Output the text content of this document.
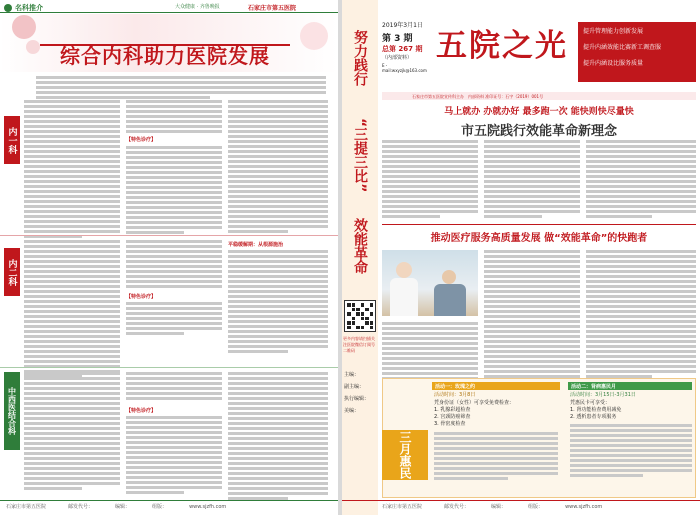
名科推介	大众健康 · 齐鲁晚报	石家庄市第五医院
综合内科助力医院发展
内一科	【特色诊疗】
内二科
【特色诊疗】
平稳缓解期：从根源施治
中西医结合科	【特色诊疗】
石家庄市第五医院	邮发代号：	编辑：	组版：	www.sjzfh.com
努力践行
“三提三比”
效能革命
更多内容请扫描关注医院微信订阅号二维码
主编：
副主编：
执行编辑：
美编：
2019年3月1日
第 3 期
总第 267 期
（内部资料）
E - mail:wxyzjk@163.com
五院之光	提升管理能力创新发展
提升内涵效能比赛新工调查服
提升内涵设比服务质量
石家庄市第五医院宣传科主办　内部资料 准印证号：石字（2019）001号
马上就办 办就办好 最多跑一次 能快则快尽量快
市五院践行效能革命新理念
推动医疗服务高质量发展 做“效能革命”的快跑者
三月惠民
活动一：玫瑰之约
活动时间：3月8日
凭身份证（女性）可享受免费检查：
1. 乳腺彩超检查
2. 宫颈防癌筛查
3. 骨密度检查
活动二：肾病惠民月
活动时间：3月15日-3月31日
凭惠民卡可享受：
1. 肾功能检查费用减免
2. 透析患者专项服务
石家庄市第五医院	邮发代号：	编辑：	组版：	www.sjzfh.com
